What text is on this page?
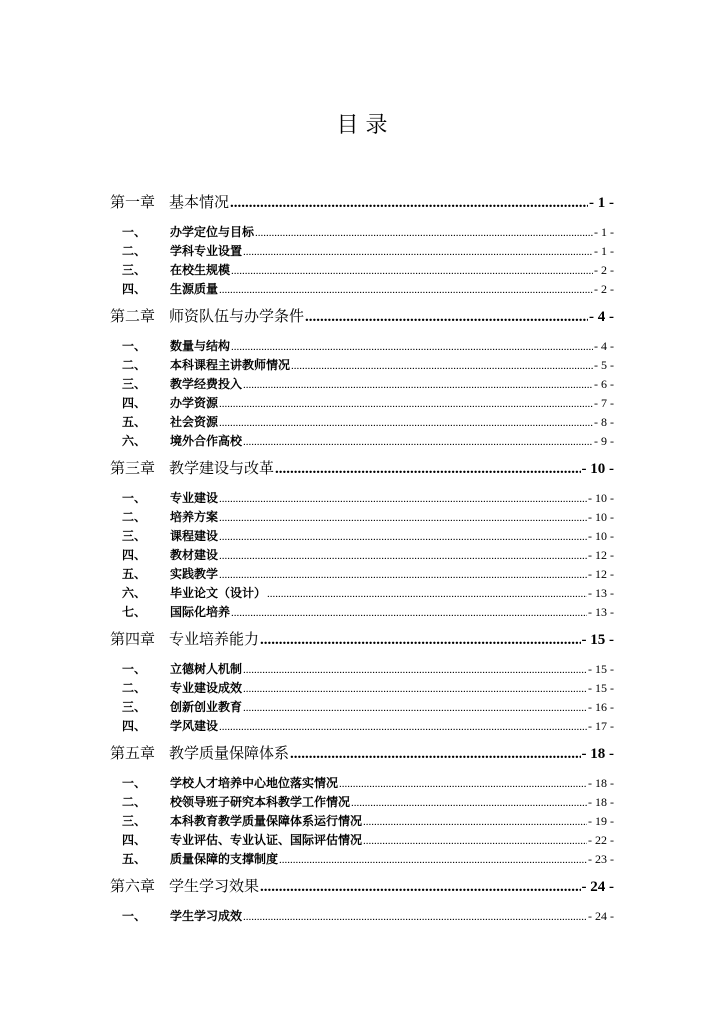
目 录
第一章 基本情况 .....	- 1 -
一、 办学定位与目标 .....	- 1 -
二、 学科专业设置 .....	- 1 -
三、 在校生规模 .....	- 2 -
四、 生源质量 .....	- 2 -
第二章 师资队伍与办学条件 .....	- 4 -
一、 数量与结构 .....	- 4 -
二、 本科课程主讲教师情况 .....	- 5 -
三、 教学经费投入 .....	- 6 -
四、 办学资源 .....	- 7 -
五、 社会资源 .....	- 8 -
六、 境外合作高校 .....	- 9 -
第三章 教学建设与改革 .....	- 10 -
一、 专业建设 .....	- 10 -
二、 培养方案 .....	- 10 -
三、 课程建设 .....	- 10 -
四、 教材建设 .....	- 12 -
五、 实践教学 .....	- 12 -
六、 毕业论文（设计） .....	- 13 -
七、 国际化培养 .....	- 13 -
第四章 专业培养能力 .....	- 15 -
一、 立德树人机制 .....	- 15 -
二、 专业建设成效 .....	- 15 -
三、 创新创业教育 .....	- 16 -
四、 学风建设 .....	- 17 -
第五章 教学质量保障体系 .....	- 18 -
一、 学校人才培养中心地位落实情况 .....	- 18 -
二、 校领导班子研究本科教学工作情况 .....	- 18 -
三、 本科教育教学质量保障体系运行情况 .....	- 19 -
四、 专业评估、专业认证、国际评估情况 .....	- 22 -
五、 质量保障的支撑制度 .....	- 23 -
第六章 学生学习效果 .....	- 24 -
一、 学生学习成效 .....	- 24 -
